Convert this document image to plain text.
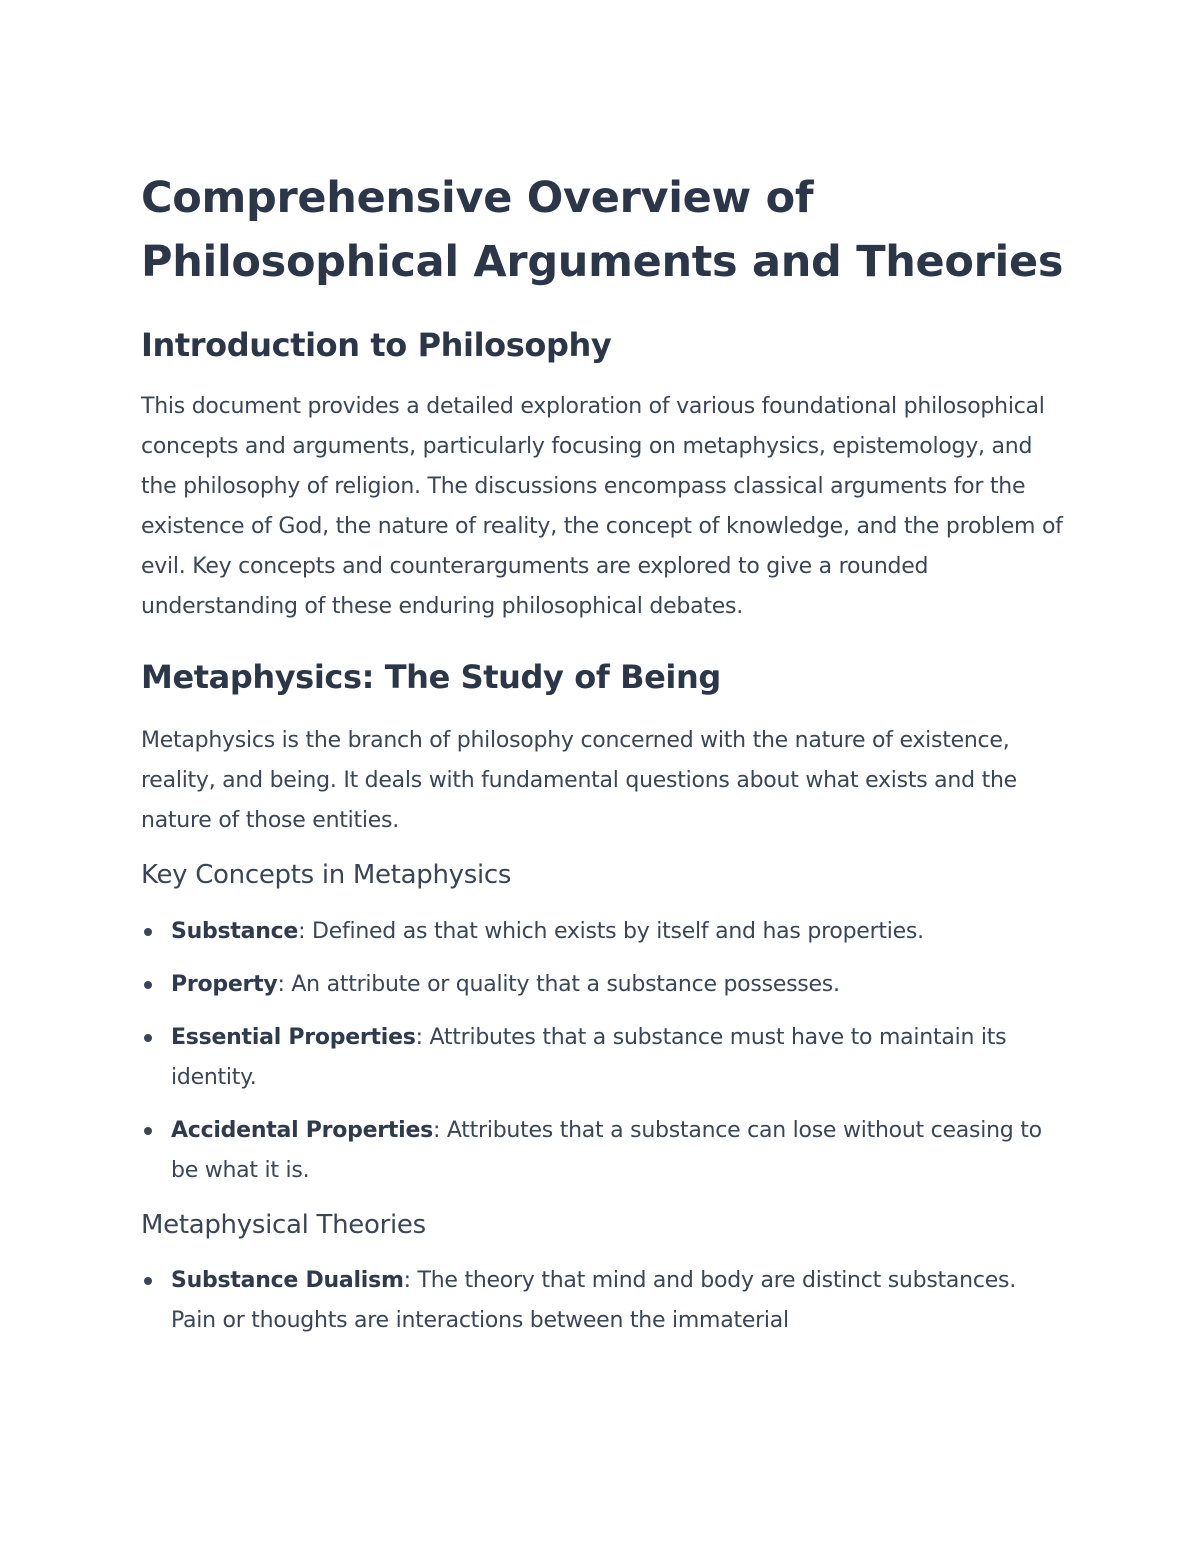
Comprehensive Overview of Philosophical Arguments and Theories
Introduction to Philosophy

This document provides a detailed exploration of various foundational philosophical concepts and arguments, particularly focusing on metaphysics, epistemology, and the philosophy of religion. The discussions encompass classical arguments for the existence of God, the nature of reality, the concept of knowledge, and the problem of evil. Key concepts and counterarguments are explored to give a rounded understanding of these enduring philosophical debates.

Metaphysics: The Study of Being

Metaphysics is the branch of philosophy concerned with the nature of existence, reality, and being. It deals with fundamental questions about what exists and the nature of those entities.

Key Concepts in Metaphysics
Substance: Defined as that which exists by itself and has properties.
Property: An attribute or quality that a substance possesses.
Essential Properties: Attributes that a substance must have to maintain its identity.
Accidental Properties: Attributes that a substance can lose without ceasing to be what it is.
Metaphysical Theories
Substance Dualism: The theory that mind and body are distinct substances. Pain or thoughts are interactions between the immaterial
